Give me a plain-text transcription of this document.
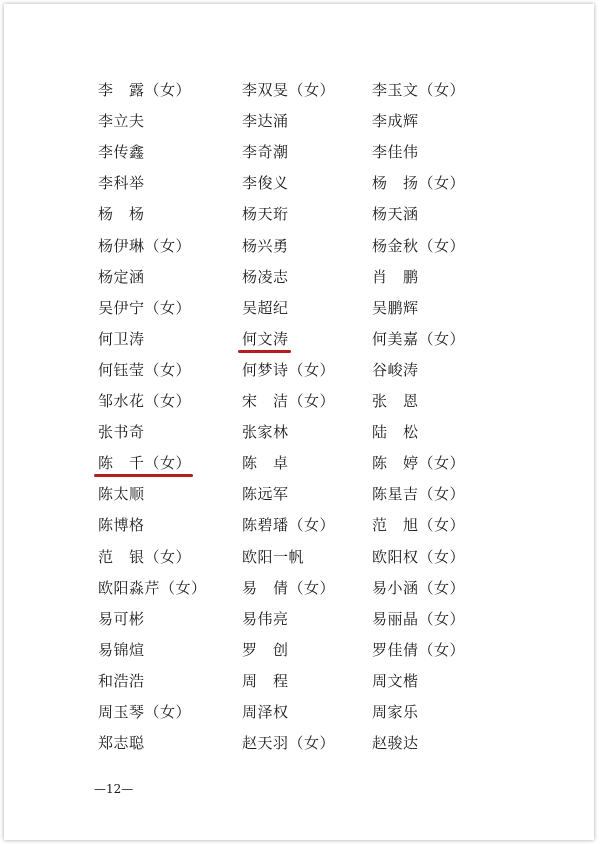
李　露（女）	李双旻（女） 李玉文（女）
李立夫	李达涌	李成辉
李传鑫	李奇潮	李佳伟
李科举	李俊义	杨　扬（女）
杨　杨	杨天珩	杨天涵
杨伊琳（女）	杨兴勇	杨金秋（女）
杨定涵	杨凌志	肖　鹏
吴伊宁（女）	吴超纪	吴鹏辉
何卫涛	何文涛	何美嘉（女）
何钰莹（女）	何梦诗（女） 谷峻涛
邹水花（女）	宋　洁（女） 张　恩
张书奇	张家林	陆　松
陈　千（女）	陈　卓	陈　婷（女）
陈太顺	陈远军	陈星吉（女）
陈博格	陈碧璠（女） 范　旭（女）
范　银（女）	欧阳一帆	欧阳权（女）
欧阳淼芹（女） 易　倩（女） 易小涵（女）
易可彬	易伟亮	易丽晶（女）
易锦煊	罗　创	罗佳倩（女）
和浩浩	周　程	周文楷
周玉琴（女）	周泽权	周家乐
郑志聪	赵天羽（女） 赵骏达
—12—
